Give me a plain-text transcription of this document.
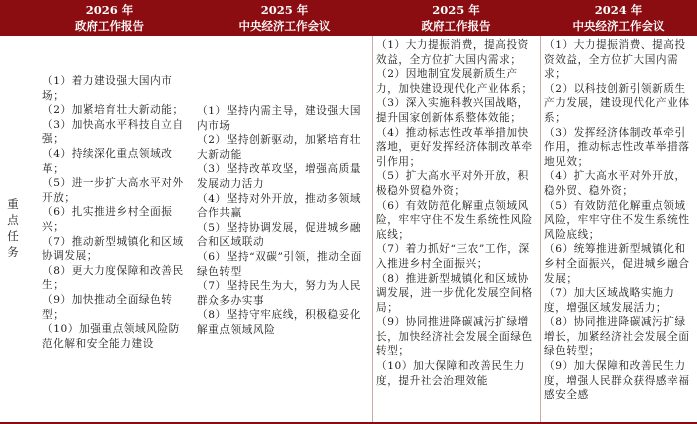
2026 年
政府工作报告
2025 年
中央经济工作会议
2025 年
政府工作报告
2024 年
中央经济工作会议
重
点
任
务

（1）着力建设强大国内市场；

（2）加紧培育壮大新动能；

（3）加快高水平科技自立自强；

（4）持续深化重点领域改革；

（5）进一步扩大高水平对外开放；

（6）扎实推进乡村全面振兴；

（7）推动新型城镇化和区域协调发展；

（8）更大力度保障和改善民生；

（9）加快推动全面绿色转型；

（10）加强重点领域风险防范化解和安全能力建设

（1）坚持内需主导，建设强大国内市场

（2）坚持创新驱动，加紧培育壮大新动能

（3）坚持改革攻坚，增强高质量发展动力活力

（4）坚持对外开放，推动多领域合作共赢

（5）坚持协调发展，促进城乡融合和区域联动

（6）坚持“双碳”引领，推动全面绿色转型

（7）坚持民生为大，努力为人民群众多办实事

（8）坚持守牢底线，积极稳妥化解重点领域风险

（1）大力提振消费，提高投资效益，全方位扩大国内需求；

（2）因地制宜发展新质生产力，加快建设现代化产业体系；

（3）深入实施科教兴国战略，提升国家创新体系整体效能；

（4）推动标志性改革举措加快落地，更好发挥经济体制改革牵引作用；

（5）扩大高水平对外开放，积极稳外贸稳外资；

（6）有效防范化解重点领域风险，牢牢守住不发生系统性风险底线；

（7）着力抓好“三农”工作，深入推进乡村全面振兴；

（8）推进新型城镇化和区域协调发展，进一步优化发展空间格局；

（9）协同推进降碳减污扩绿增长，加快经济社会发展全面绿色转型；

（10）加大保障和改善民生力度，提升社会治理效能

（1）大力提振消费、提高投资效益，全方位扩大国内需求；

（2）以科技创新引领新质生产力发展，建设现代化产业体系；

（3）发挥经济体制改革牵引作用，推动标志性改革举措落地见效；

（4）扩大高水平对外开放，稳外贸、稳外资；

（5）有效防范化解重点领域风险，牢牢守住不发生系统性风险底线；

（6）统筹推进新型城镇化和乡村全面振兴，促进城乡融合发展；

（7）加大区域战略实施力度，增强区域发展活力；

（8）协同推进降碳减污扩绿增长，加紧经济社会发展全面绿色转型；

（9）加大保障和改善民生力度，增强人民群众获得感幸福感安全感
